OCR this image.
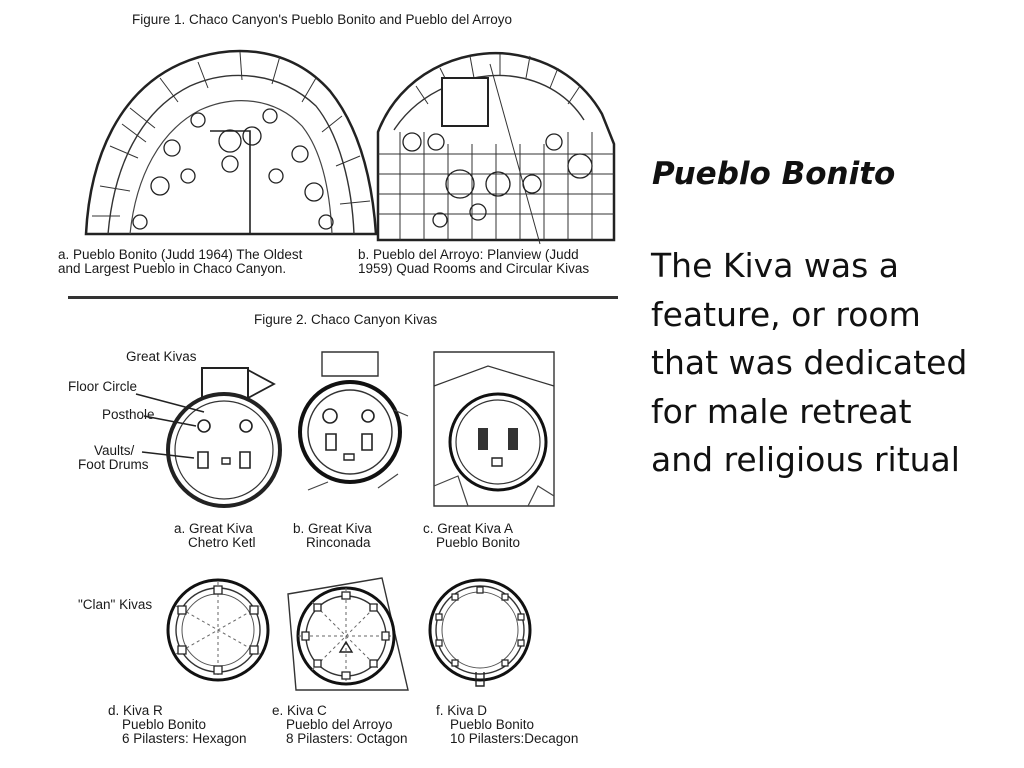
Figure 1. Chaco Canyon's Pueblo Bonito and Pueblo del Arroyo
a. Pueblo Bonito (Judd 1964) The Oldest
and Largest Pueblo in Chaco Canyon.
b. Pueblo del Arroyo: Planview (Judd
1959) Quad Rooms and Circular Kivas
Figure 2. Chaco Canyon Kivas
Great Kivas
Floor Circle
Posthole
Vaults/
Foot Drums
a. Great Kiva
Chetro Ketl
b. Great Kiva
Rinconada
c. Great Kiva A
Pueblo Bonito
"Clan" Kivas
d. Kiva R
Pueblo Bonito
6 Pilasters: Hexagon
e. Kiva C
Pueblo del Arroyo
8 Pilasters: Octagon
f. Kiva D
Pueblo Bonito
10 Pilasters:Decagon
Pueblo Bonito
The Kiva was a
feature, or room
that was dedicated
for male retreat
and religious ritual
